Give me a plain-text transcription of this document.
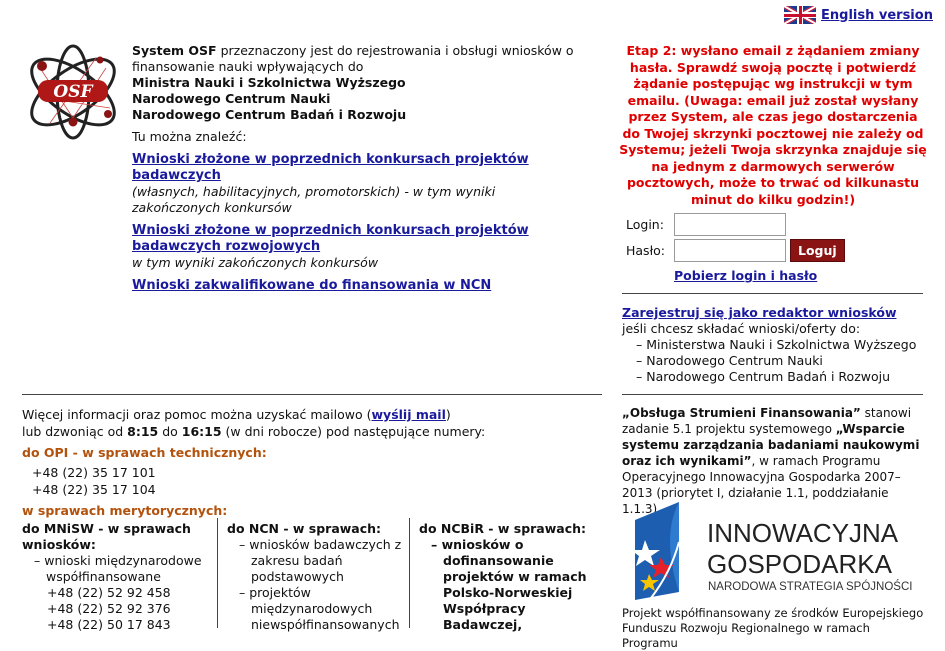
English version
OSF
System OSF przeznaczony jest do rejestrowania i obsługi wniosków o
finansowanie nauki wpływających do
Ministra Nauki i Szkolnictwa Wyższego
Narodowego Centrum Nauki
Narodowego Centrum Badań i Rozwoju
Tu można znaleźć:
Wnioski złożone w poprzednich konkursach projektów badawczych
(własnych, habilitacyjnych, promotorskich) - w tym wyniki zakończonych konkursów
Wnioski złożone w poprzednich konkursach projektów badawczych rozwojowych
w tym wyniki zakończonych konkursów
Wnioski zakwalifikowane do finansowania w NCN
Etap 2: wysłano email z żądaniem zmiany hasła. Sprawdź swoją pocztę i potwierdź żądanie postępując wg instrukcji w tym emailu. (Uwaga: email już został wysłany przez System, ale czas jego dostarczenia do Twojej skrzynki pocztowej nie zależy od Systemu; jeżeli Twoja skrzynka znajduje się na jednym z darmowych serwerów pocztowych, może to trwać od kilkunastu minut do kilku godzin!)
Login:
Hasło:	Loguj
Pobierz login i hasło
Zarejestruj się jako redaktor wniosków
jeśli chcesz składać wnioski/oferty do:
– Ministerstwa Nauki i Szkolnictwa Wyższego
– Narodowego Centrum Nauki
– Narodowego Centrum Badań i Rozwoju
Więcej informacji oraz pomoc można uzyskać mailowo (wyślij mail)
lub dzwoniąc od 8:15 do 16:15 (w dni robocze) pod następujące numery:
do OPI - w sprawach technicznych:
+48 (22) 35 17 101
+48 (22) 35 17 104
w sprawach merytorycznych:
do MNiSW - w sprawach wniosków:
– wnioski międzynarodowe współfinansowane
+48 (22) 52 92 458
+48 (22) 52 92 376
+48 (22) 50 17 843
do NCN - w sprawach:
– wniosków badawczych z zakresu badań podstawowych
– projektów międzynarodowych niewspółfinansowanych
do NCBiR - w sprawach:
– wniosków o dofinansowanie projektów w ramach Polsko-Norweskiej Współpracy Badawczej,
„Obsługa Strumieni Finansowania” stanowi zadanie 5.1 projektu systemowego „Wsparcie systemu zarządzania badaniami naukowymi oraz ich wynikami”, w ramach Programu Operacyjnego Innowacyjna Gospodarka 2007–2013 (priorytet I, działanie 1.1, poddziałanie 1.1.3).
INNOWACYJNA
GOSPODARKA
NARODOWA STRATEGIA SPÓJNOŚCI
Projekt współfinansowany ze środków Europejskiego Funduszu Rozwoju Regionalnego w ramach Programu
